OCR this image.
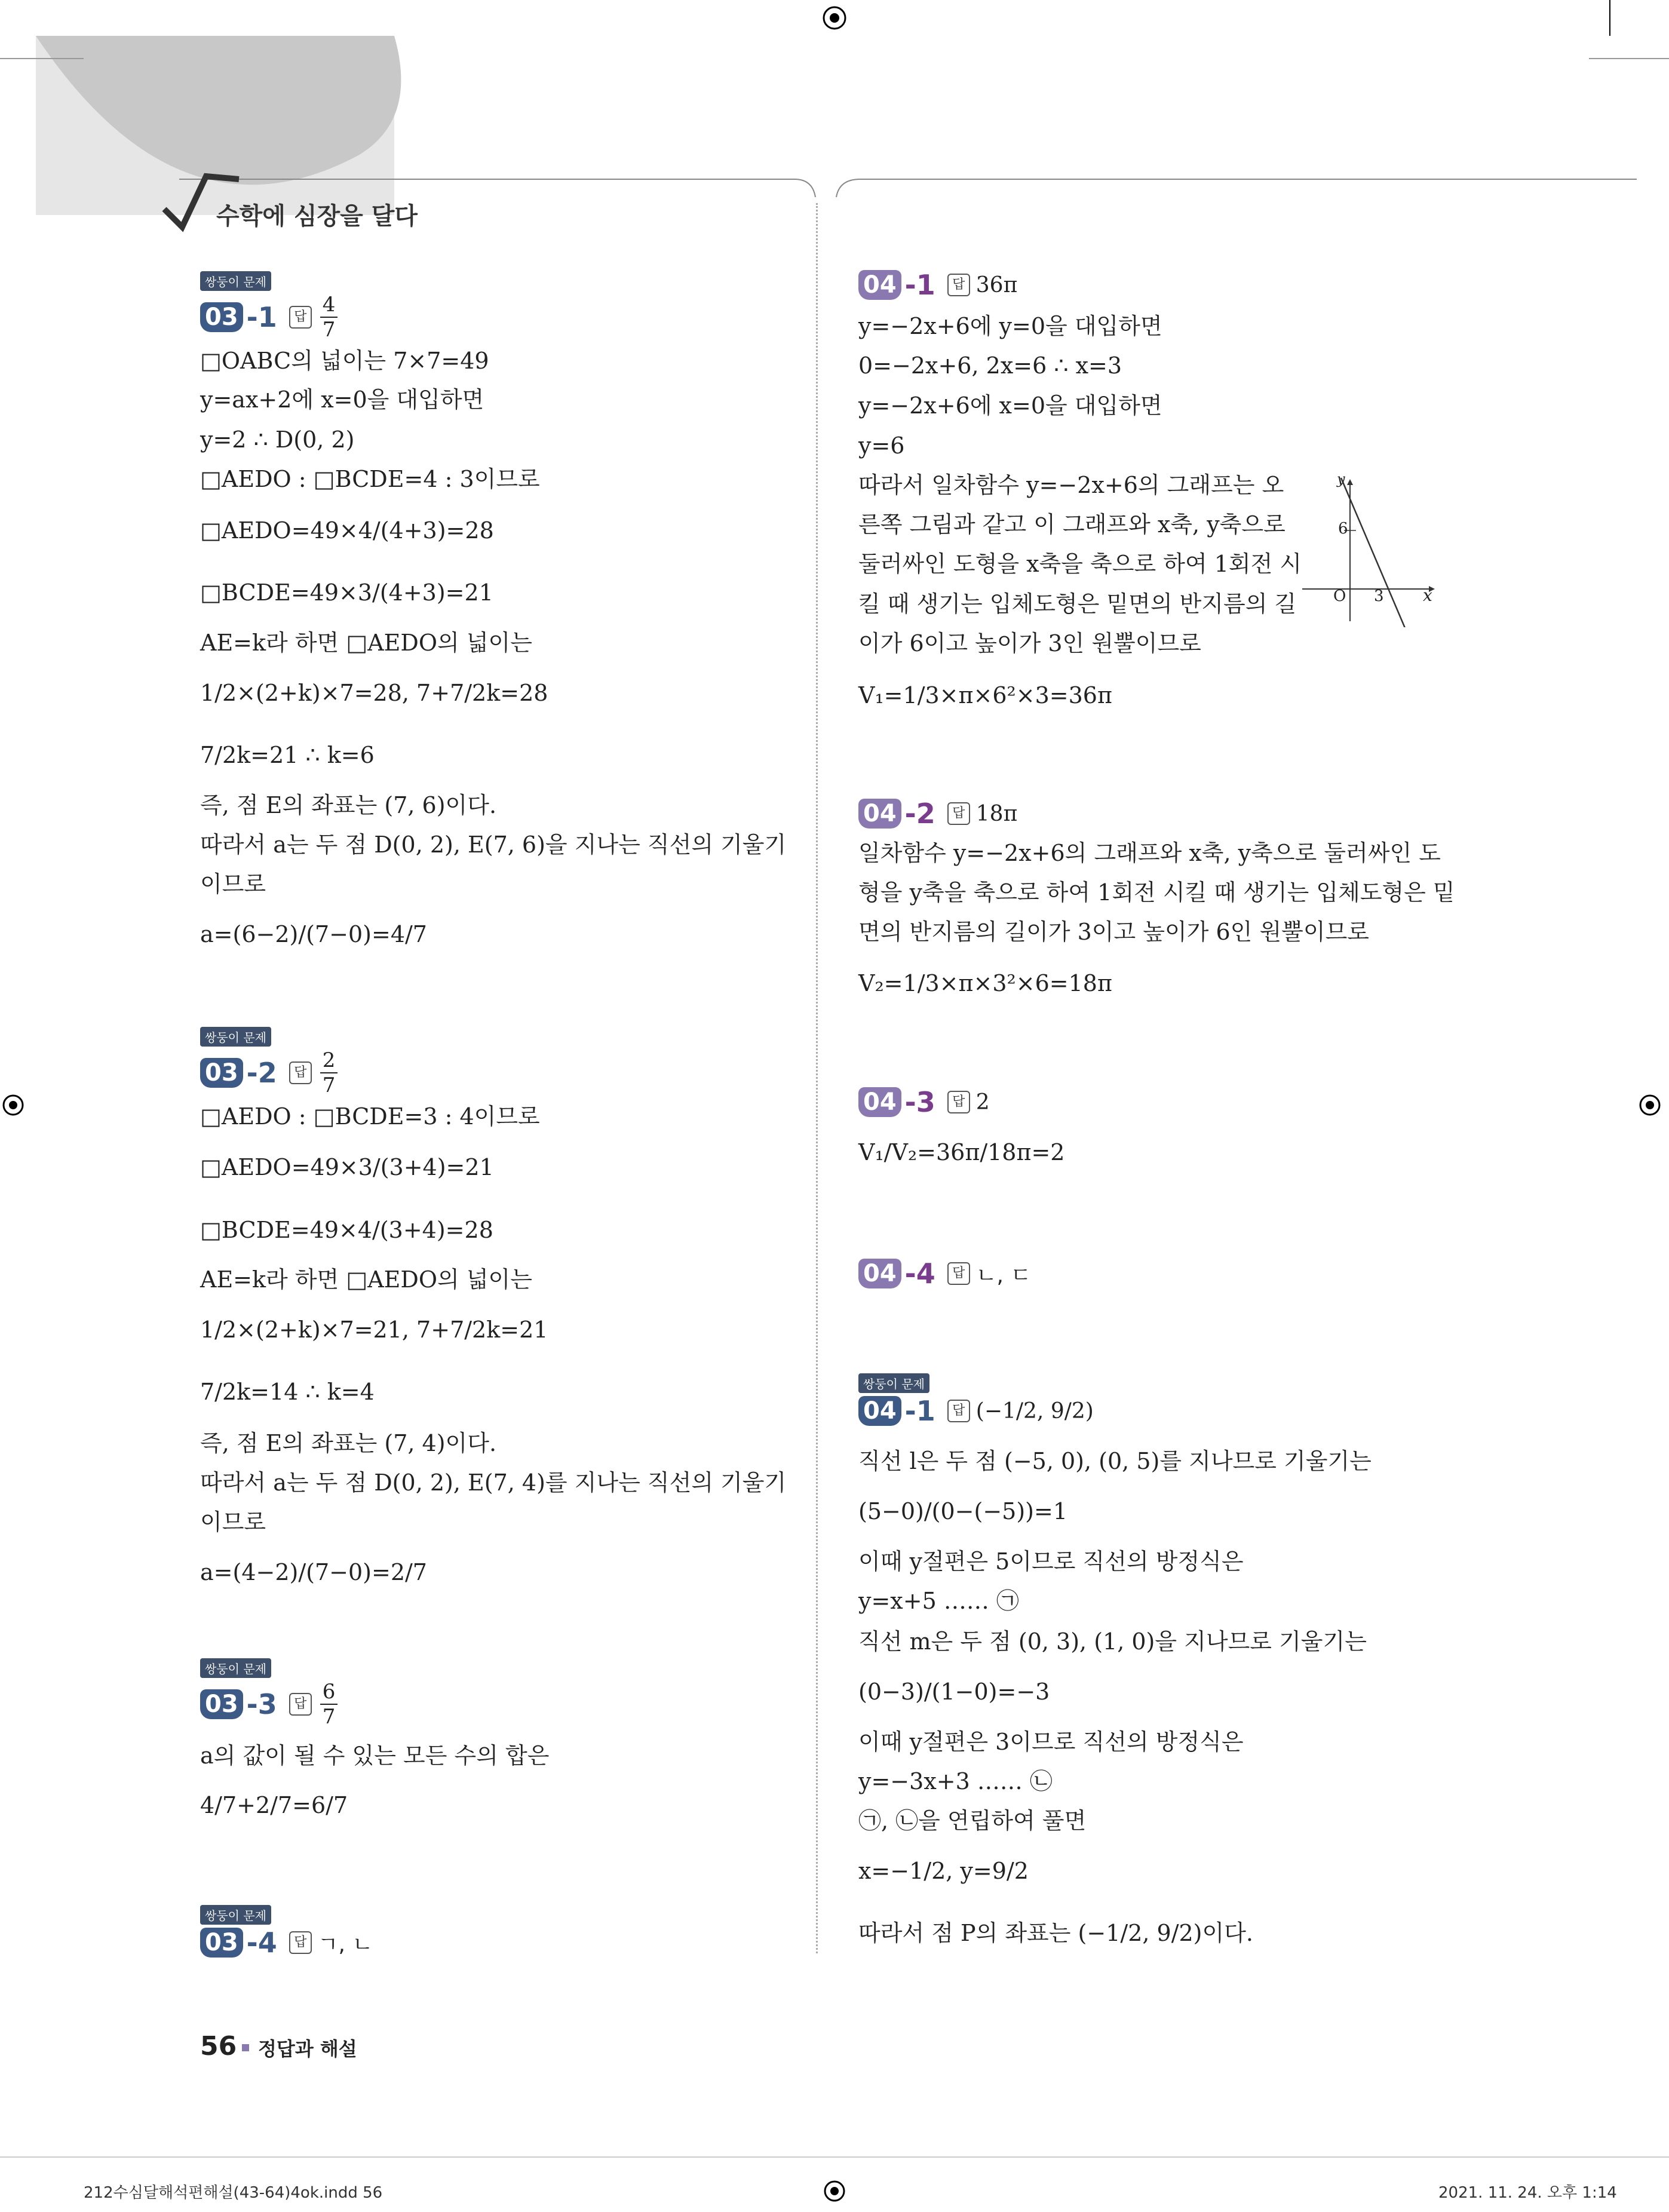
수학에 심장을 달다
쌍둥이 문제
03 -1	답 $\frac{4}{7}$
□OABC의 넓이는 7×7=49
y=ax+2에 x=0을 대입하면
y=2 ∴ D(0, 2)
□AEDO : □BCDE=4 : 3이므로
□AEDO=49×4/(4+3)=28
□BCDE=49×3/(4+3)=21
AE=k라 하면 □AEDO의 넓이는
1/2×(2+k)×7=28, 7+7/2k=28
7/2k=21 ∴ k=6
즉, 점 E의 좌표는 (7, 6)이다.
따라서 a는 두 점 D(0, 2), E(7, 6)을 지나는 직선의 기울기
이므로
a=(6−2)/(7−0)=4/7
쌍둥이 문제
03 -2	답 $\frac{2}{7}$
□AEDO : □BCDE=3 : 4이므로
□AEDO=49×3/(3+4)=21
□BCDE=49×4/(3+4)=28
AE=k라 하면 □AEDO의 넓이는
1/2×(2+k)×7=21, 7+7/2k=21
7/2k=14 ∴ k=4
즉, 점 E의 좌표는 (7, 4)이다.
따라서 a는 두 점 D(0, 2), E(7, 4)를 지나는 직선의 기울기
이므로
a=(4−2)/(7−0)=2/7
쌍둥이 문제
03 -3	답 $\frac{6}{7}$
a의 값이 될 수 있는 모든 수의 합은
4/7+2/7=6/7
쌍둥이 문제
03 -4	답 ㄱ, ㄴ
04 -1	답 36π
y=−2x+6에 y=0을 대입하면
0=−2x+6, 2x=6 ∴ x=3
y=−2x+6에 x=0을 대입하면
y=6
따라서 일차함수 y=−2x+6의 그래프는 오
른쪽 그림과 같고 이 그래프와 x축, y축으로
둘러싸인 도형을 x축을 축으로 하여 1회전 시
킬 때 생기는 입체도형은 밑면의 반지름의 길
이가 6이고 높이가 3인 원뿔이므로
V₁=1/3×π×6²×3=36π
y
x
O
6
3
04 -2	답 18π
일차함수 y=−2x+6의 그래프와 x축, y축으로 둘러싸인 도
형을 y축을 축으로 하여 1회전 시킬 때 생기는 입체도형은 밑
면의 반지름의 길이가 3이고 높이가 6인 원뿔이므로
V₂=1/3×π×3²×6=18π
04 -3	답 2
V₁/V₂=36π/18π=2
04 -4	답 ㄴ, ㄷ
쌍둥이 문제
04 -1	답 (−1/2, 9/2)
직선 l은 두 점 (−5, 0), (0, 5)를 지나므로 기울기는
(5−0)/(0−(−5))=1
이때 y절편은 5이므로 직선의 방정식은
y=x+5 …… ㉠
직선 m은 두 점 (0, 3), (1, 0)을 지나므로 기울기는
(0−3)/(1−0)=−3
이때 y절편은 3이므로 직선의 방정식은
y=−3x+3 …… ㉡
㉠, ㉡을 연립하여 풀면
x=−1/2, y=9/2
따라서 점 P의 좌표는 (−1/2, 9/2)이다.
56 정답과 해설
212수심달해석편해설(43-64)4ok.indd 56	2021. 11. 24. 오후 1:14
